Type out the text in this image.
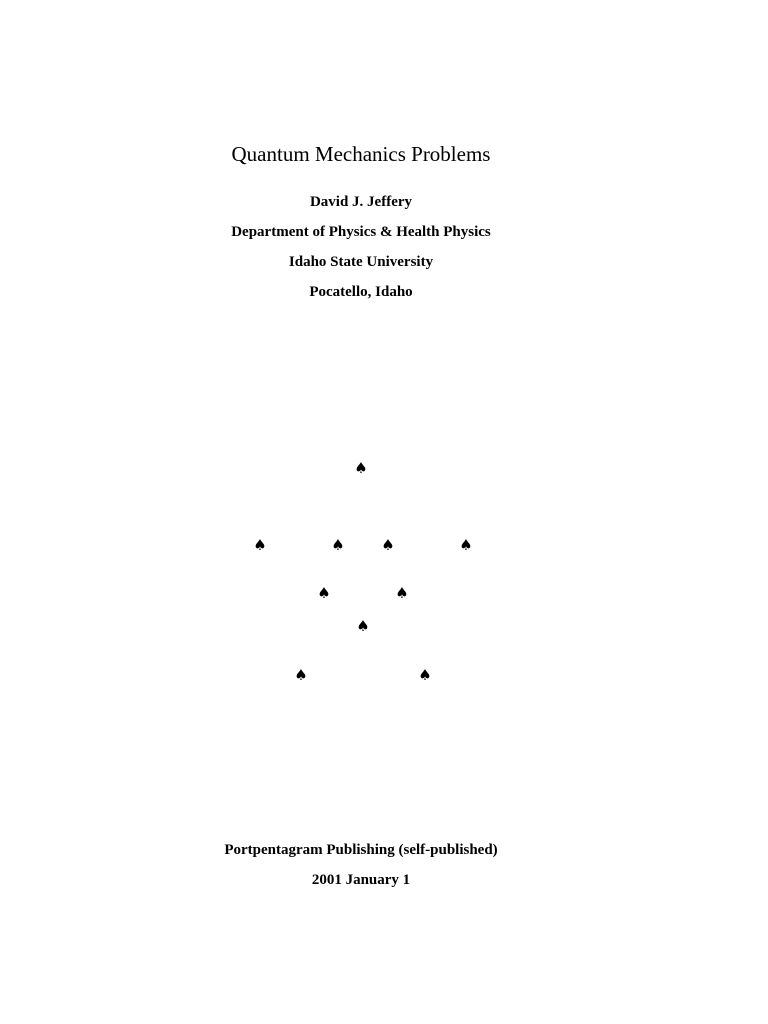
Quantum Mechanics Problems
David J. Jeffery
Department of Physics & Health Physics
Idaho State University
Pocatello, Idaho
♠
♠	♠ ♠	♠
♠	♠
♠
♠	♠
Portpentagram Publishing (self-published)
2001 January 1
